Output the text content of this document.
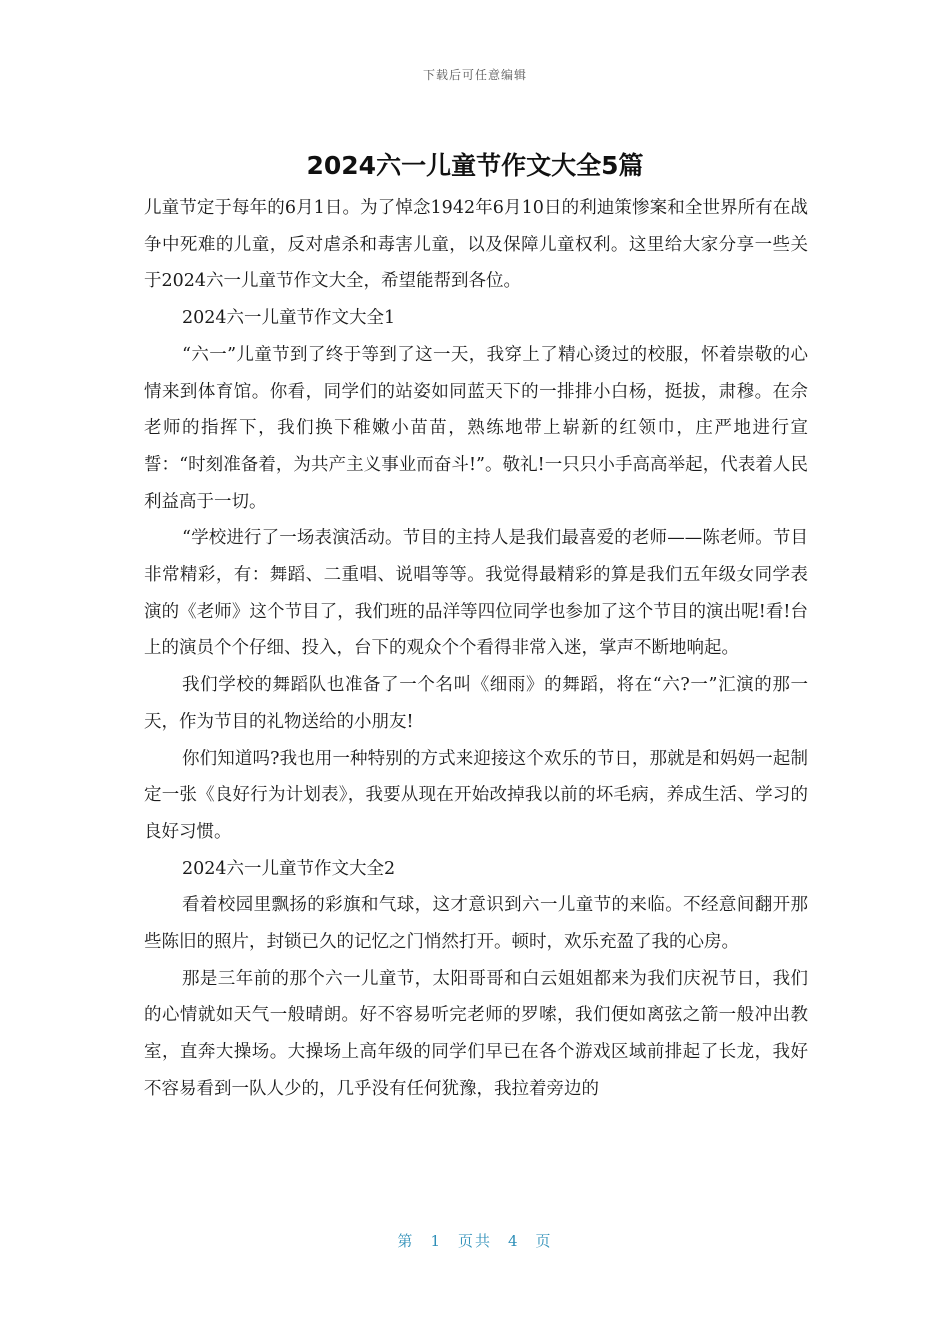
下载后可任意编辑
2024六一儿童节作文大全5篇

儿童节定于每年的6月1日。为了悼念1942年6月10日的利迪策惨案和全世界所有在战争中死难的儿童，反对虐杀和毒害儿童，以及保障儿童权利。这里给大家分享一些关于2024六一儿童节作文大全，希望能帮到各位。

2024六一儿童节作文大全1

“六一”儿童节到了终于等到了这一天，我穿上了精心烫过的校服，怀着崇敬的心情来到体育馆。你看，同学们的站姿如同蓝天下的一排排小白杨，挺拔，肃穆。在佘老师的指挥下，我们换下稚嫩小苗苗，熟练地带上崭新的红领巾，庄严地进行宣誓：“时刻准备着，为共产主义事业而奋斗!”。敬礼!一只只小手高高举起，代表着人民利益高于一切。

“学校进行了一场表演活动。节目的主持人是我们最喜爱的老师——陈老师。节目非常精彩，有：舞蹈、二重唱、说唱等等。我觉得最精彩的算是我们五年级女同学表演的《老师》这个节目了，我们班的品洋等四位同学也参加了这个节目的演出呢!看!台上的演员个个仔细、投入，台下的观众个个看得非常入迷，掌声不断地响起。

我们学校的舞蹈队也准备了一个名叫《细雨》的舞蹈，将在“六?一”汇演的那一天，作为节目的礼物送给的小朋友!

你们知道吗?我也用一种特别的方式来迎接这个欢乐的节日，那就是和妈妈一起制定一张《良好行为计划表》，我要从现在开始改掉我以前的坏毛病，养成生活、学习的良好习惯。

2024六一儿童节作文大全2

看着校园里飘扬的彩旗和气球，这才意识到六一儿童节的来临。不经意间翻开那些陈旧的照片，封锁已久的记忆之门悄然打开。顿时，欢乐充盈了我的心房。

那是三年前的那个六一儿童节，太阳哥哥和白云姐姐都来为我们庆祝节日，我们的心情就如天气一般晴朗。好不容易听完老师的罗嗦，我们便如离弦之箭一般冲出教室，直奔大操场。大操场上高年级的同学们早已在各个游戏区域前排起了长龙，我好不容易看到一队人少的，几乎没有任何犹豫，我拉着旁边的

第 1 页共 4 页
